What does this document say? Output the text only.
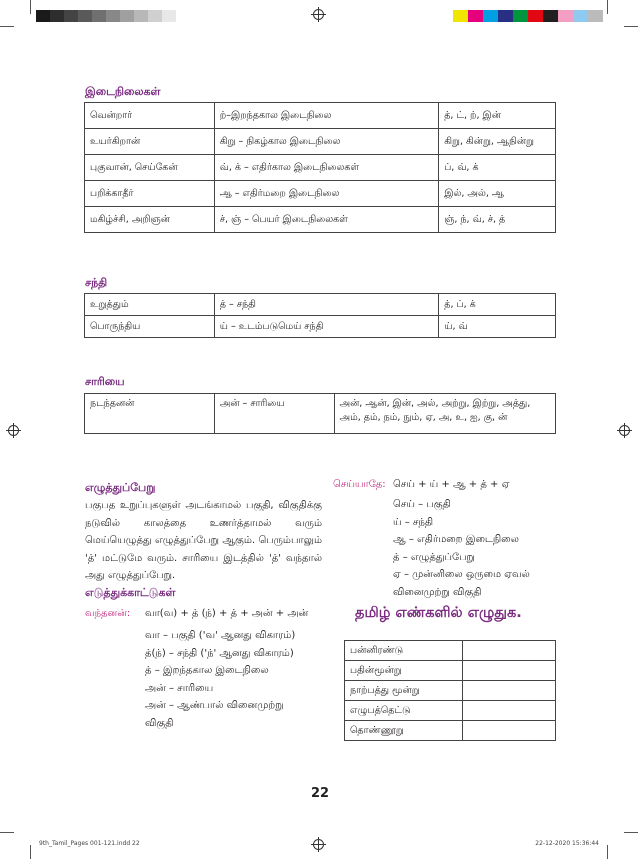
இடைநிலைகள்
வென்றார்	ற்–இறந்தகால இடைநிலை	த், ட், ற், இன்
உயர்கிறான்	கிறு – நிகழ்கால இடைநிலை	கிறு, கின்று, ஆநின்று
புகுவான், செய்கேன்	வ், க் – எதிர்கால இடைநிலைகள்	ப், வ், க்
பறிக்காதீர்	ஆ – எதிர்மறை இடைநிலை	இல், அல், ஆ
மகிழ்ச்சி, அறிஞன்	ச், ஞ் – பெயர் இடைநிலைகள்	ஞ், ந், வ், ச், த்
சந்தி
உறுத்தும்	த் – சந்தி	த், ப், க்
பொருந்திய	ய் – உடம்படுமெய் சந்தி	ய், வ்
சாரியை
நடந்தனன்	அன் – சாரியை	அன், ஆன், இன், அல், அற்று, இற்று, அத்து,
அம், தம், நம், நும், ஏ, அ, உ, ஐ, கு, ன்
எழுத்துப்பேறு
பகுபத உறுப்புகளுள் அடங்காமல் பகுதி, விகுதிக்கு நடுவில் காலத்தை உணர்த்தாமல் வரும் மெய்யெழுத்து எழுத்துப்பேறு ஆகும். பெரும்பாலும் 'த்' மட்டுமே வரும். சாரியை இடத்தில் 'த்' வந்தால் அது எழுத்துப்பேறு.
எடுத்துக்காட்டுகள்
வந்தனன்: வா(வ) + த் (ந்) + த் + அன் + அன்
வா – பகுதி ('வ' ஆனது விகாரம்)
த்(ந்) – சந்தி ('ந்' ஆனது விகாரம்)
த் – இறந்தகால இடைநிலை
அன் – சாரியை
அன் – ஆண்பால் வினைமுற்று
விகுதி
செய்யாதே: செய் + ய் + ஆ + த் + ஏ
செய் – பகுதி
ய் – சந்தி
ஆ – எதிர்மறை இடைநிலை
த் – எழுத்துப்பேறு
ஏ – முன்னிலை ஒருமை ஏவல்
வினைமுற்று விகுதி
தமிழ் எண்களில் எழுதுக.
பன்னிரண்டு	
பதின்மூன்று	
நாற்பத்து மூன்று	
எழுபத்தெட்டு	
தொண்ணூறு	
22
9th_Tamil_Pages 001-121.indd 22	22-12-2020 15:36:44
